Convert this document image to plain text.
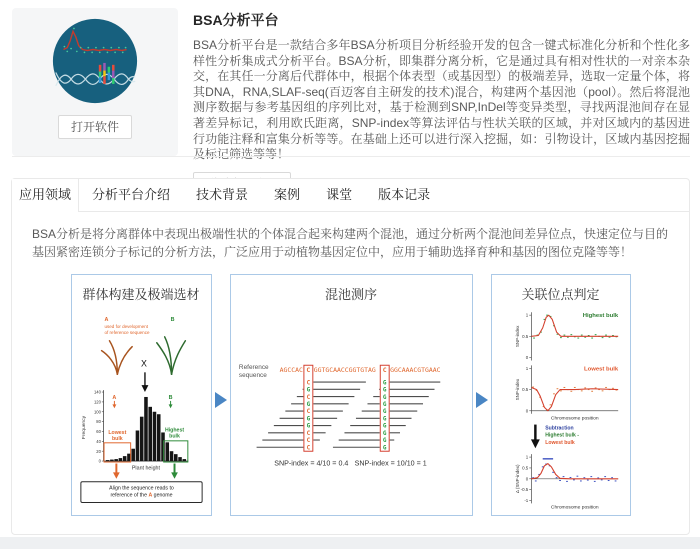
打开软件
BSA分析平台
BSA分析平台是一款结合多年BSA分析项目分析经验开发的包含一键式标准化分析和个性化多样性分析集成式分析平台。BSA分析，即集群分离分析，它是通过具有相对性状的一对亲本杂交，在其任一分离后代群体中，根据个体表型（或基因型）的极端差异，选取一定量个体，将其DNA，RNA,SLAF-seq(百迈客自主研发的技术)混合，构建两个基因池（pool）。然后将混池测序数据与参考基因组的序列比对，基于检测到SNP,InDel等变异类型，寻找两混池间存在显著差异标记，利用欧氏距离，SNP-index等算法评估与性状关联的区域，并对区域内的基因进行功能注释和富集分析等等。在基础上还可以进行深入挖掘，如：引物设计，区域内基因挖掘及标记筛选等等！
应用领域	分析平台介绍	技术背景	案例	课堂	版本记录
BSA分析是将分离群体中表现出极端性状的个体混合起来构建两个混池，通过分析两个混池间差异位点，快速定位与目的基因紧密连锁分子标记的分析方法，广泛应用于动植物基因定位中，应用于辅助选择育种和基因的图位克隆等等！
群体构建及极端选材
A
used for development
of reference sequence
B
X
0
20
40
60
80
100
120
140
Frequency
Plant height
Lowest
bulk
Highest
bulk
A	B
Align the sequence reads to
reference of the A genome
混池测序
Reference
sequence
AGCCAC C GGTGCAACCGGTGTAG C GGCAAACGTGAAC
C
G
C
G
C
G
G
C
C
C
G
G
G
G
G
G
G
G
G
G
SNP-index = 4/10 = 0.4 SNP-index = 10/10 = 1
关联位点判定
1
0.5
0
SNP-index
Highest bulk
1
0.5
0
SNP-index
Chromosome position
Lowest bulk
1
0.5
0
-0.5
-1
Δ (SNP-index)
Chromosome position
Subtraction
Highest bulk -
Lowest bulk
